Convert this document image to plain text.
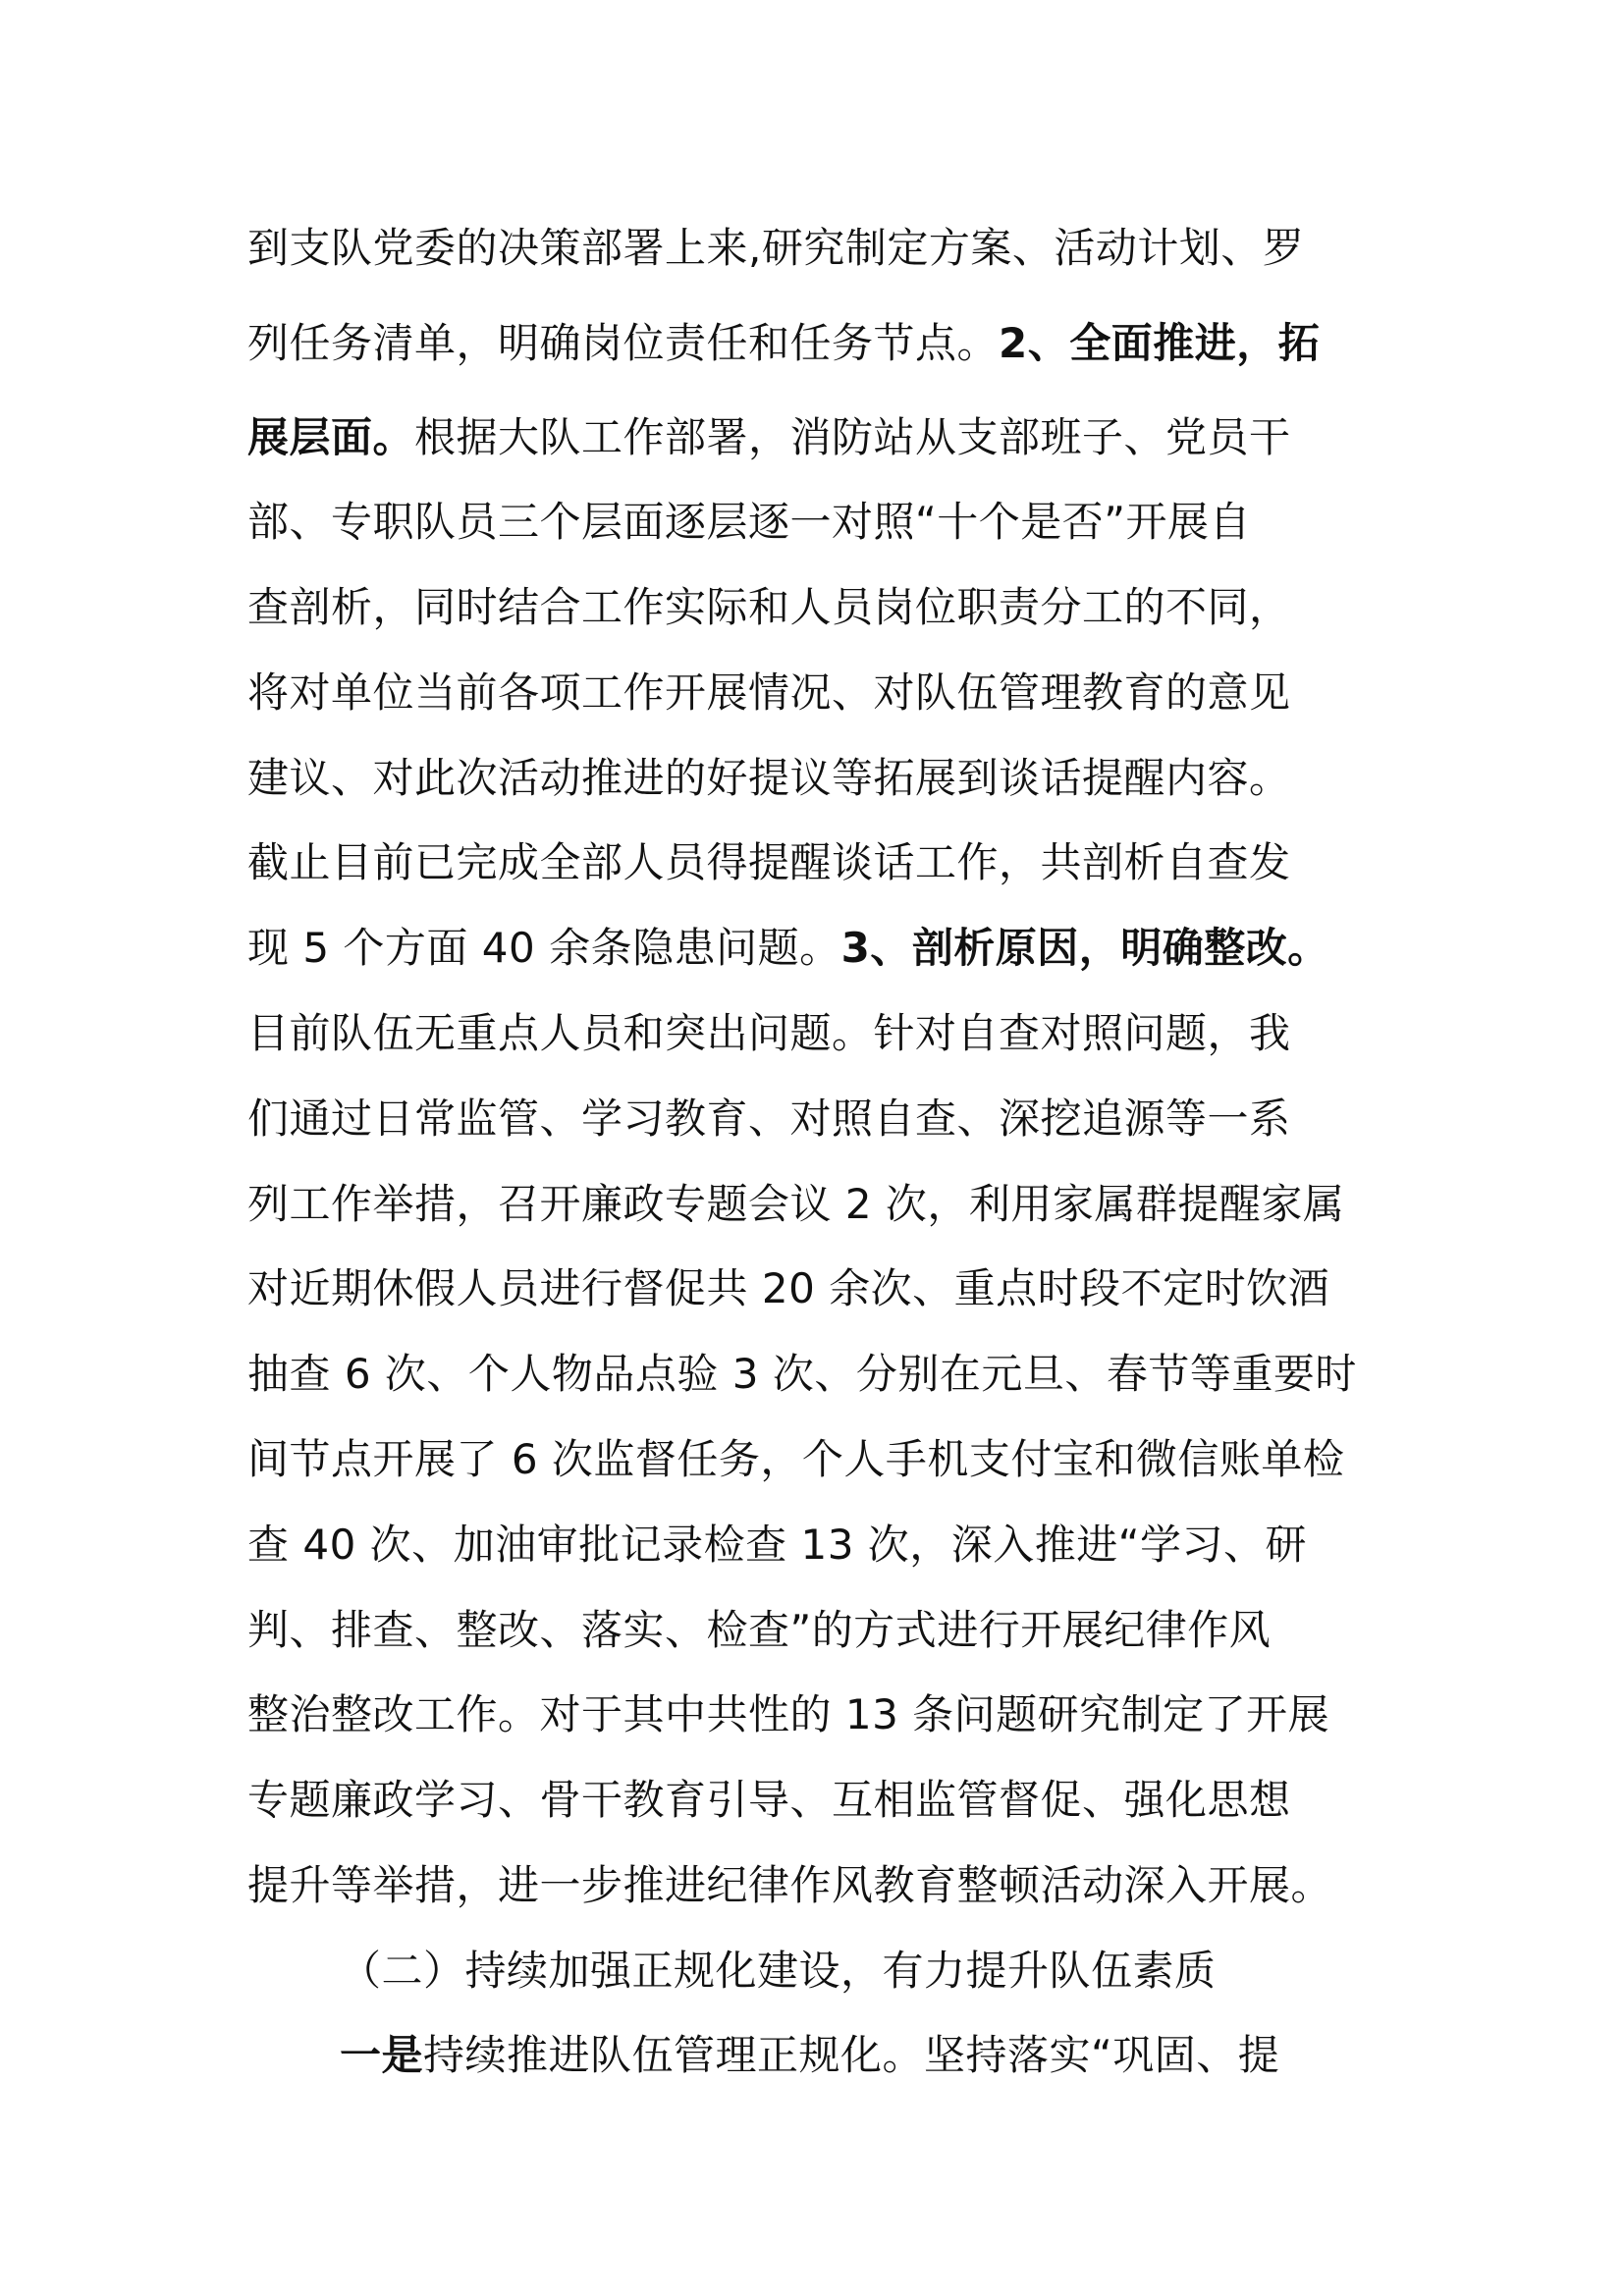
到支队党委的决策部署上来,研究制定方案、活动计划、罗
列任务清单，明确岗位责任和任务节点。2、全面推进，拓
展层面。根据大队工作部署，消防站从支部班子、党员干
部、专职队员三个层面逐层逐一对照“十个是否”开展自
查剖析，同时结合工作实际和人员岗位职责分工的不同，
将对单位当前各项工作开展情况、对队伍管理教育的意见
建议、对此次活动推进的好提议等拓展到谈话提醒内容。
截止目前已完成全部人员得提醒谈话工作，共剖析自查发
现 5 个方面 40 余条隐患问题。3、剖析原因，明确整改。
目前队伍无重点人员和突出问题。针对自查对照问题，我
们通过日常监管、学习教育、对照自查、深挖追源等一系
列工作举措，召开廉政专题会议 2 次，利用家属群提醒家属
对近期休假人员进行督促共 20 余次、重点时段不定时饮酒
抽查 6 次、个人物品点验 3 次、分别在元旦、春节等重要时
间节点开展了 6 次监督任务，个人手机支付宝和微信账单检
查 40 次、加油审批记录检查 13 次，深入推进“学习、研
判、排查、整改、落实、检查”的方式进行开展纪律作风
整治整改工作。对于其中共性的 13 条问题研究制定了开展
专题廉政学习、骨干教育引导、互相监管督促、强化思想
提升等举措，进一步推进纪律作风教育整顿活动深入开展。
（二）持续加强正规化建设，有力提升队伍素质
一是持续推进队伍管理正规化。坚持落实“巩固、提
